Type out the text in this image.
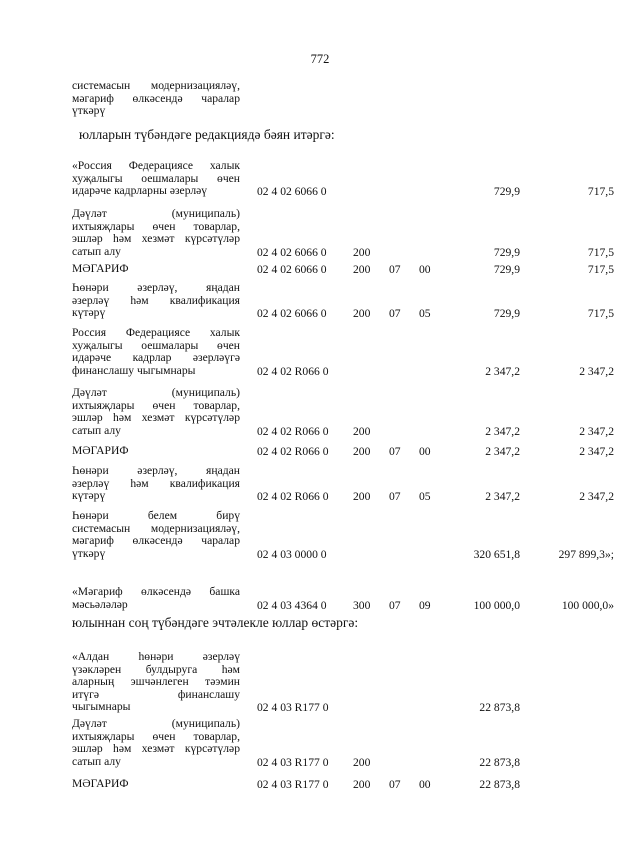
772
системасын модернизацияләү,
мәгариф өлкәсендә чаралар
үткәрү
юлларын түбәндәге редакциядә бәян итәргә:
«Россия Федерациясе халык
хуҗалыгы оешмалары өчен
идарәче кадрларны әзерләү	02 4 02 6066 0	729,9	717,5
Дәүләт (муниципаль)
ихтыяҗлары өчен товарлар,
эшләр һәм хезмәт күрсәтүләр
сатып алу	02 4 02 6066 0 200	729,9	717,5
МӘГАРИФ	02 4 02 6066 0 200 07 00	729,9	717,5
Һөнәри әзерләү, яңадан
әзерләү һәм квалификация
күтәрү	02 4 02 6066 0 200 07 05	729,9	717,5
Россия Федерациясе халык
хуҗалыгы оешмалары өчен
идарәче кадрлар әзерләүгә
финанслашу чыгымнары	02 4 02 R066 0	2 347,2	2 347,2
Дәүләт (муниципаль)
ихтыяҗлары өчен товарлар,
эшләр һәм хезмәт күрсәтүләр
сатып алу	02 4 02 R066 0 200	2 347,2	2 347,2
МӘГАРИФ	02 4 02 R066 0 200 07 00	2 347,2	2 347,2
Һөнәри әзерләү, яңадан
әзерләү һәм квалификация
күтәрү	02 4 02 R066 0 200 07 05	2 347,2	2 347,2
Һөнәри белем бирү
системасын модернизацияләү,
мәгариф өлкәсендә чаралар
үткәрү	02 4 03 0000 0	320 651,8	297 899,3»;
«Мәгариф өлкәсендә башка
мәсьәләләр	02 4 03 4364 0 300 07 09	100 000,0	100 000,0»
юлыннан соң түбәндәге эчтәлекле юллар өстәргә:
«Алдан һөнәри әзерләү
үзәкләрен булдыруга һәм
аларның эшчәнлеген тәэмин
итүгә финанслашу
чыгымнары	02 4 03 R177 0	22 873,8
Дәүләт (муниципаль)
ихтыяҗлары өчен товарлар,
эшләр һәм хезмәт күрсәтүләр
сатып алу	02 4 03 R177 0 200	22 873,8
МӘГАРИФ	02 4 03 R177 0 200 07 00	22 873,8
